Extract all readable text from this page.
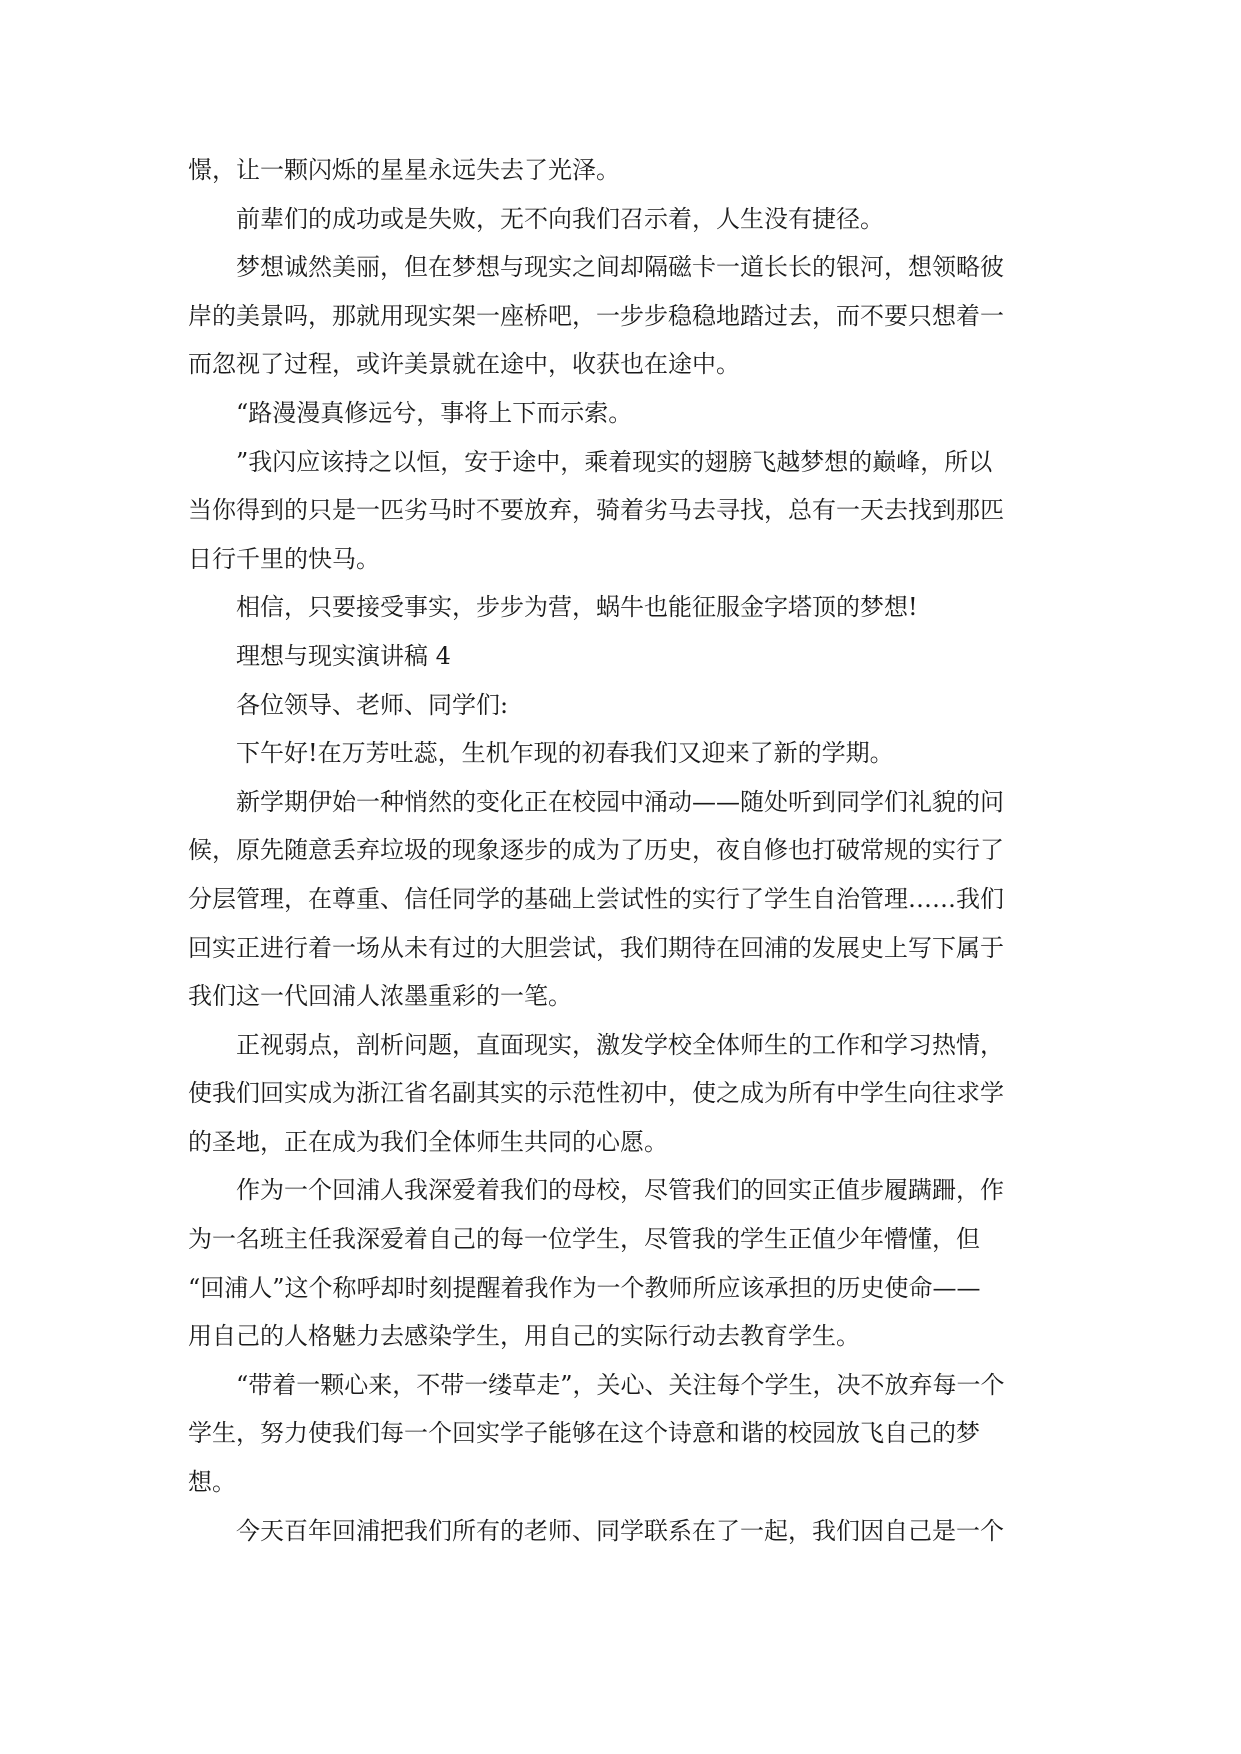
憬，让一颗闪烁的星星永远失去了光泽。
前辈们的成功或是失败，无不向我们召示着，人生没有捷径。
梦想诚然美丽，但在梦想与现实之间却隔磁卡一道长长的银河，想领略彼
岸的美景吗，那就用现实架一座桥吧，一步步稳稳地踏过去，而不要只想着一
而忽视了过程，或许美景就在途中，收获也在途中。
“路漫漫真修远兮，事将上下而示索。
”我闪应该持之以恒，安于途中，乘着现实的翅膀飞越梦想的巅峰，所以
当你得到的只是一匹劣马时不要放弃，骑着劣马去寻找，总有一天去找到那匹
日行千里的快马。
相信，只要接受事实，步步为营，蜗牛也能征服金字塔顶的梦想!
理想与现实演讲稿 4
各位领导、老师、同学们:
下午好!在万芳吐蕊，生机乍现的初春我们又迎来了新的学期。
新学期伊始一种悄然的变化正在校园中涌动——随处听到同学们礼貌的问
候，原先随意丢弃垃圾的现象逐步的成为了历史，夜自修也打破常规的实行了
分层管理，在尊重、信任同学的基础上尝试性的实行了学生自治管理……我们
回实正进行着一场从未有过的大胆尝试，我们期待在回浦的发展史上写下属于
我们这一代回浦人浓墨重彩的一笔。
正视弱点，剖析问题，直面现实，激发学校全体师生的工作和学习热情，
使我们回实成为浙江省名副其实的示范性初中，使之成为所有中学生向往求学
的圣地，正在成为我们全体师生共同的心愿。
作为一个回浦人我深爱着我们的母校，尽管我们的回实正值步履蹒跚，作
为一名班主任我深爱着自己的每一位学生，尽管我的学生正值少年懵懂，但
“回浦人”这个称呼却时刻提醒着我作为一个教师所应该承担的历史使命——
用自己的人格魅力去感染学生，用自己的实际行动去教育学生。
“带着一颗心来，不带一缕草走”，关心、关注每个学生，决不放弃每一个
学生，努力使我们每一个回实学子能够在这个诗意和谐的校园放飞自己的梦
想。
今天百年回浦把我们所有的老师、同学联系在了一起，我们因自己是一个
